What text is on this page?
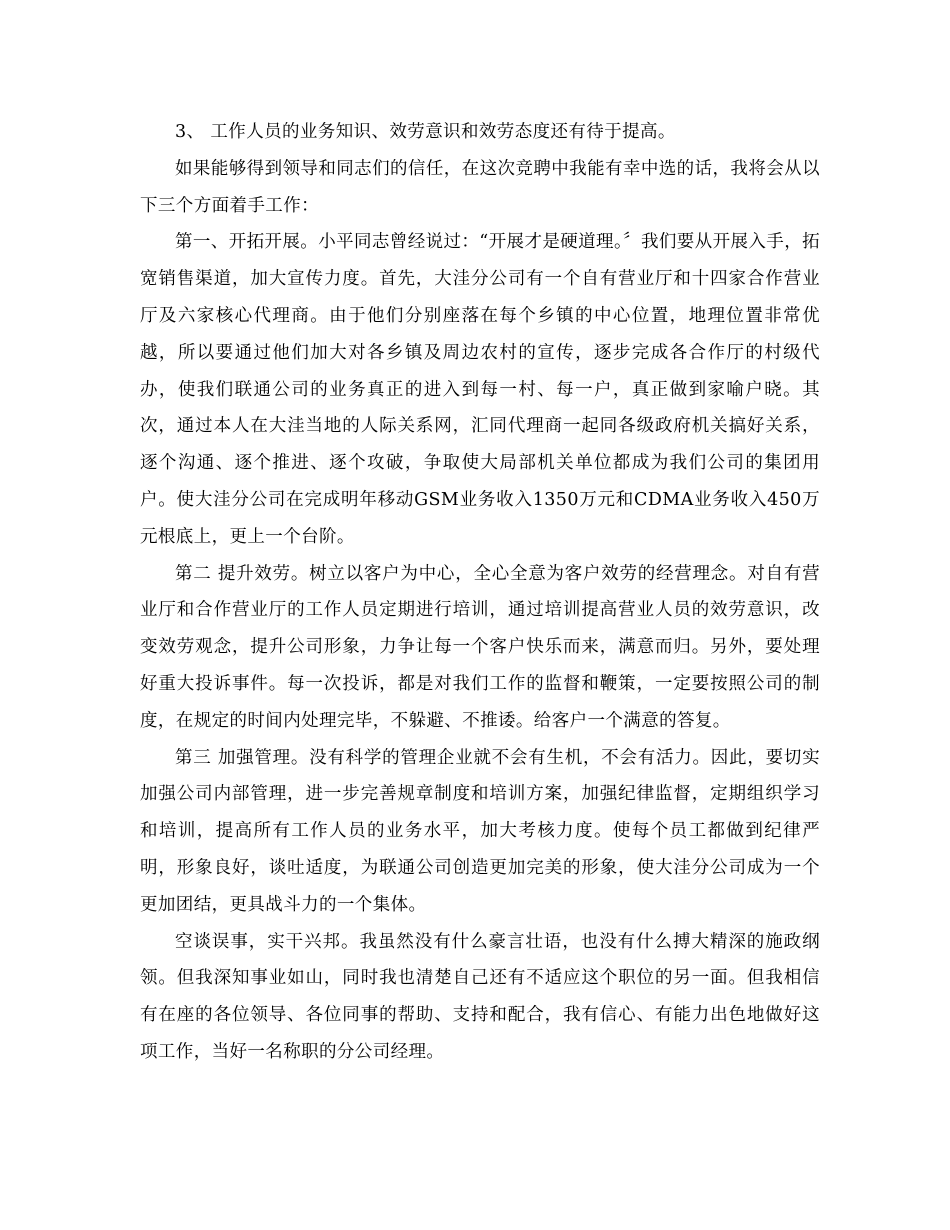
3、 工作人员的业务知识、效劳意识和效劳态度还有待于提高。

如果能够得到领导和同志们的信任，在这次竞聘中我能有幸中选的话，我将会从以下三个方面着手工作：

第一、开拓开展。小平同志曾经说过：“开展才是硬道理。〞我们要从开展入手，拓宽销售渠道，加大宣传力度。首先，大洼分公司有一个自有营业厅和十四家合作营业厅及六家核心代理商。由于他们分别座落在每个乡镇的中心位置，地理位置非常优越，所以要通过他们加大对各乡镇及周边农村的宣传，逐步完成各合作厅的村级代办，使我们联通公司的业务真正的进入到每一村、每一户，真正做到家喻户晓。其次，通过本人在大洼当地的人际关系网，汇同代理商一起同各级政府机关搞好关系，逐个沟通、逐个推进、逐个攻破，争取使大局部机关单位都成为我们公司的集团用户。使大洼分公司在完成明年移动GSM业务收入1350万元和CDMA业务收入450万元根底上，更上一个台阶。

第二 提升效劳。树立以客户为中心，全心全意为客户效劳的经营理念。对自有营业厅和合作营业厅的工作人员定期进行培训，通过培训提高营业人员的效劳意识，改变效劳观念，提升公司形象，力争让每一个客户快乐而来，满意而归。另外，要处理好重大投诉事件。每一次投诉，都是对我们工作的监督和鞭策，一定要按照公司的制度，在规定的时间内处理完毕，不躲避、不推诿。给客户一个满意的答复。

第三 加强管理。没有科学的管理企业就不会有生机，不会有活力。因此，要切实加强公司内部管理，进一步完善规章制度和培训方案，加强纪律监督，定期组织学习和培训，提高所有工作人员的业务水平，加大考核力度。使每个员工都做到纪律严明，形象良好，谈吐适度，为联通公司创造更加完美的形象，使大洼分公司成为一个更加团结，更具战斗力的一个集体。

空谈误事，实干兴邦。我虽然没有什么豪言壮语，也没有什么搏大精深的施政纲领。但我深知事业如山，同时我也清楚自己还有不适应这个职位的另一面。但我相信有在座的各位领导、各位同事的帮助、支持和配合，我有信心、有能力出色地做好这项工作，当好一名称职的分公司经理。
